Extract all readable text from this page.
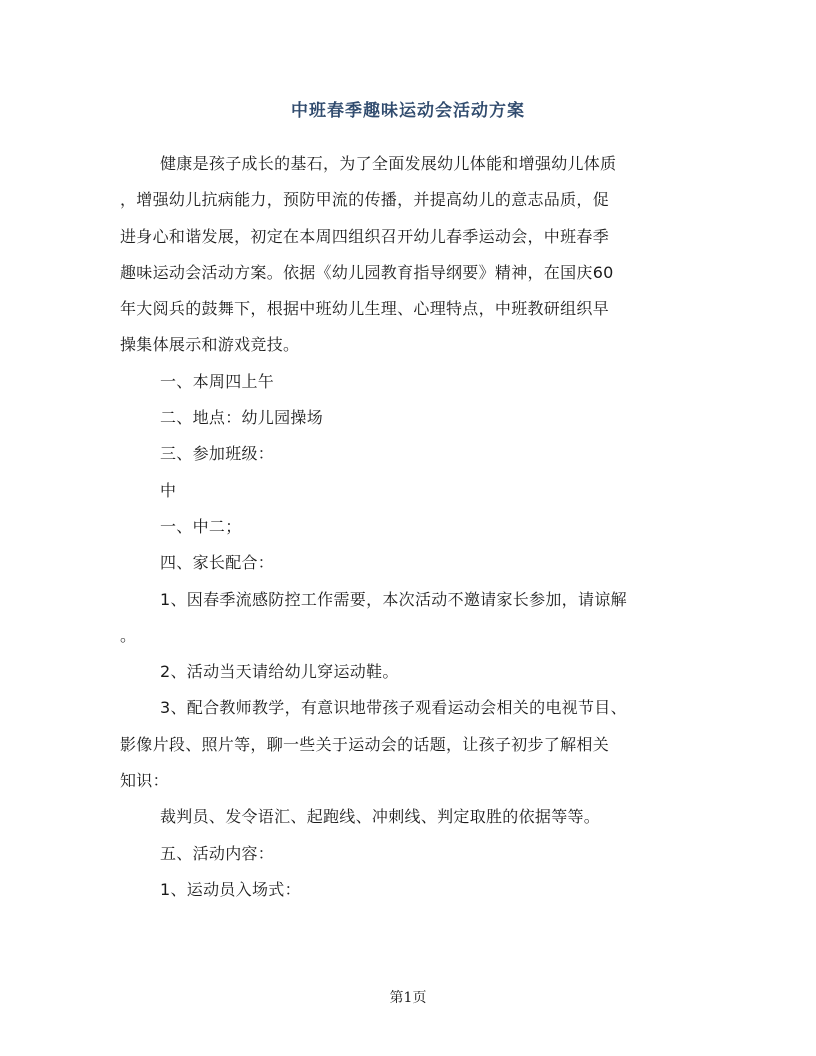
中班春季趣味运动会活动方案
健康是孩子成长的基石，为了全面发展幼儿体能和增强幼儿体质
，增强幼儿抗病能力，预防甲流的传播，并提高幼儿的意志品质，促
进身心和谐发展，初定在本周四组织召开幼儿春季运动会，中班春季
趣味运动会活动方案。依据《幼儿园教育指导纲要》精神，在国庆60
年大阅兵的鼓舞下，根据中班幼儿生理、心理特点，中班教研组织早
操集体展示和游戏竞技。
一、本周四上午
二、地点：幼儿园操场
三、参加班级：
中
一、中二；
四、家长配合：
1、因春季流感防控工作需要，本次活动不邀请家长参加，请谅解
。
2、活动当天请给幼儿穿运动鞋。
3、配合教师教学，有意识地带孩子观看运动会相关的电视节目、
影像片段、照片等，聊一些关于运动会的话题，让孩子初步了解相关
知识：
裁判员、发令语汇、起跑线、冲刺线、判定取胜的依据等等。
五、活动内容：
1、运动员入场式：
第1页
